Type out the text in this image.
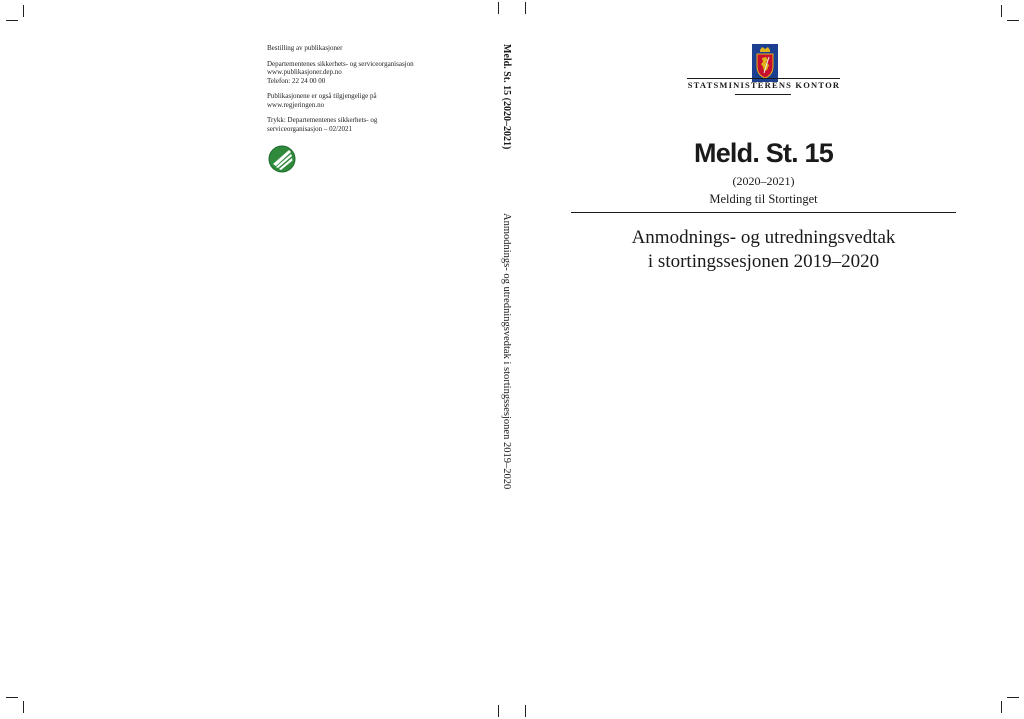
Bestilling av publikasjoner

Departementenes sikkerhets- og serviceorganisasjon
www.publikasjoner.dep.no
Telefon: 22 24 00 00

Publikasjonene er også tilgjengelige på
www.regjeringen.no

Trykk: Departementenes sikkerhets- og
serviceorganisasjon – 02/2021	Meld. St. 15 (2020–2021)
Anmodnings- og utredningsvedtak i stortingssesjonen 2019–2020
STATSMINISTERENS KONTOR
Meld. St. 15
(2020–2021)
Melding til Stortinget
Anmodnings- og utredningsvedtak
i stortingssesjonen 2019–2020
